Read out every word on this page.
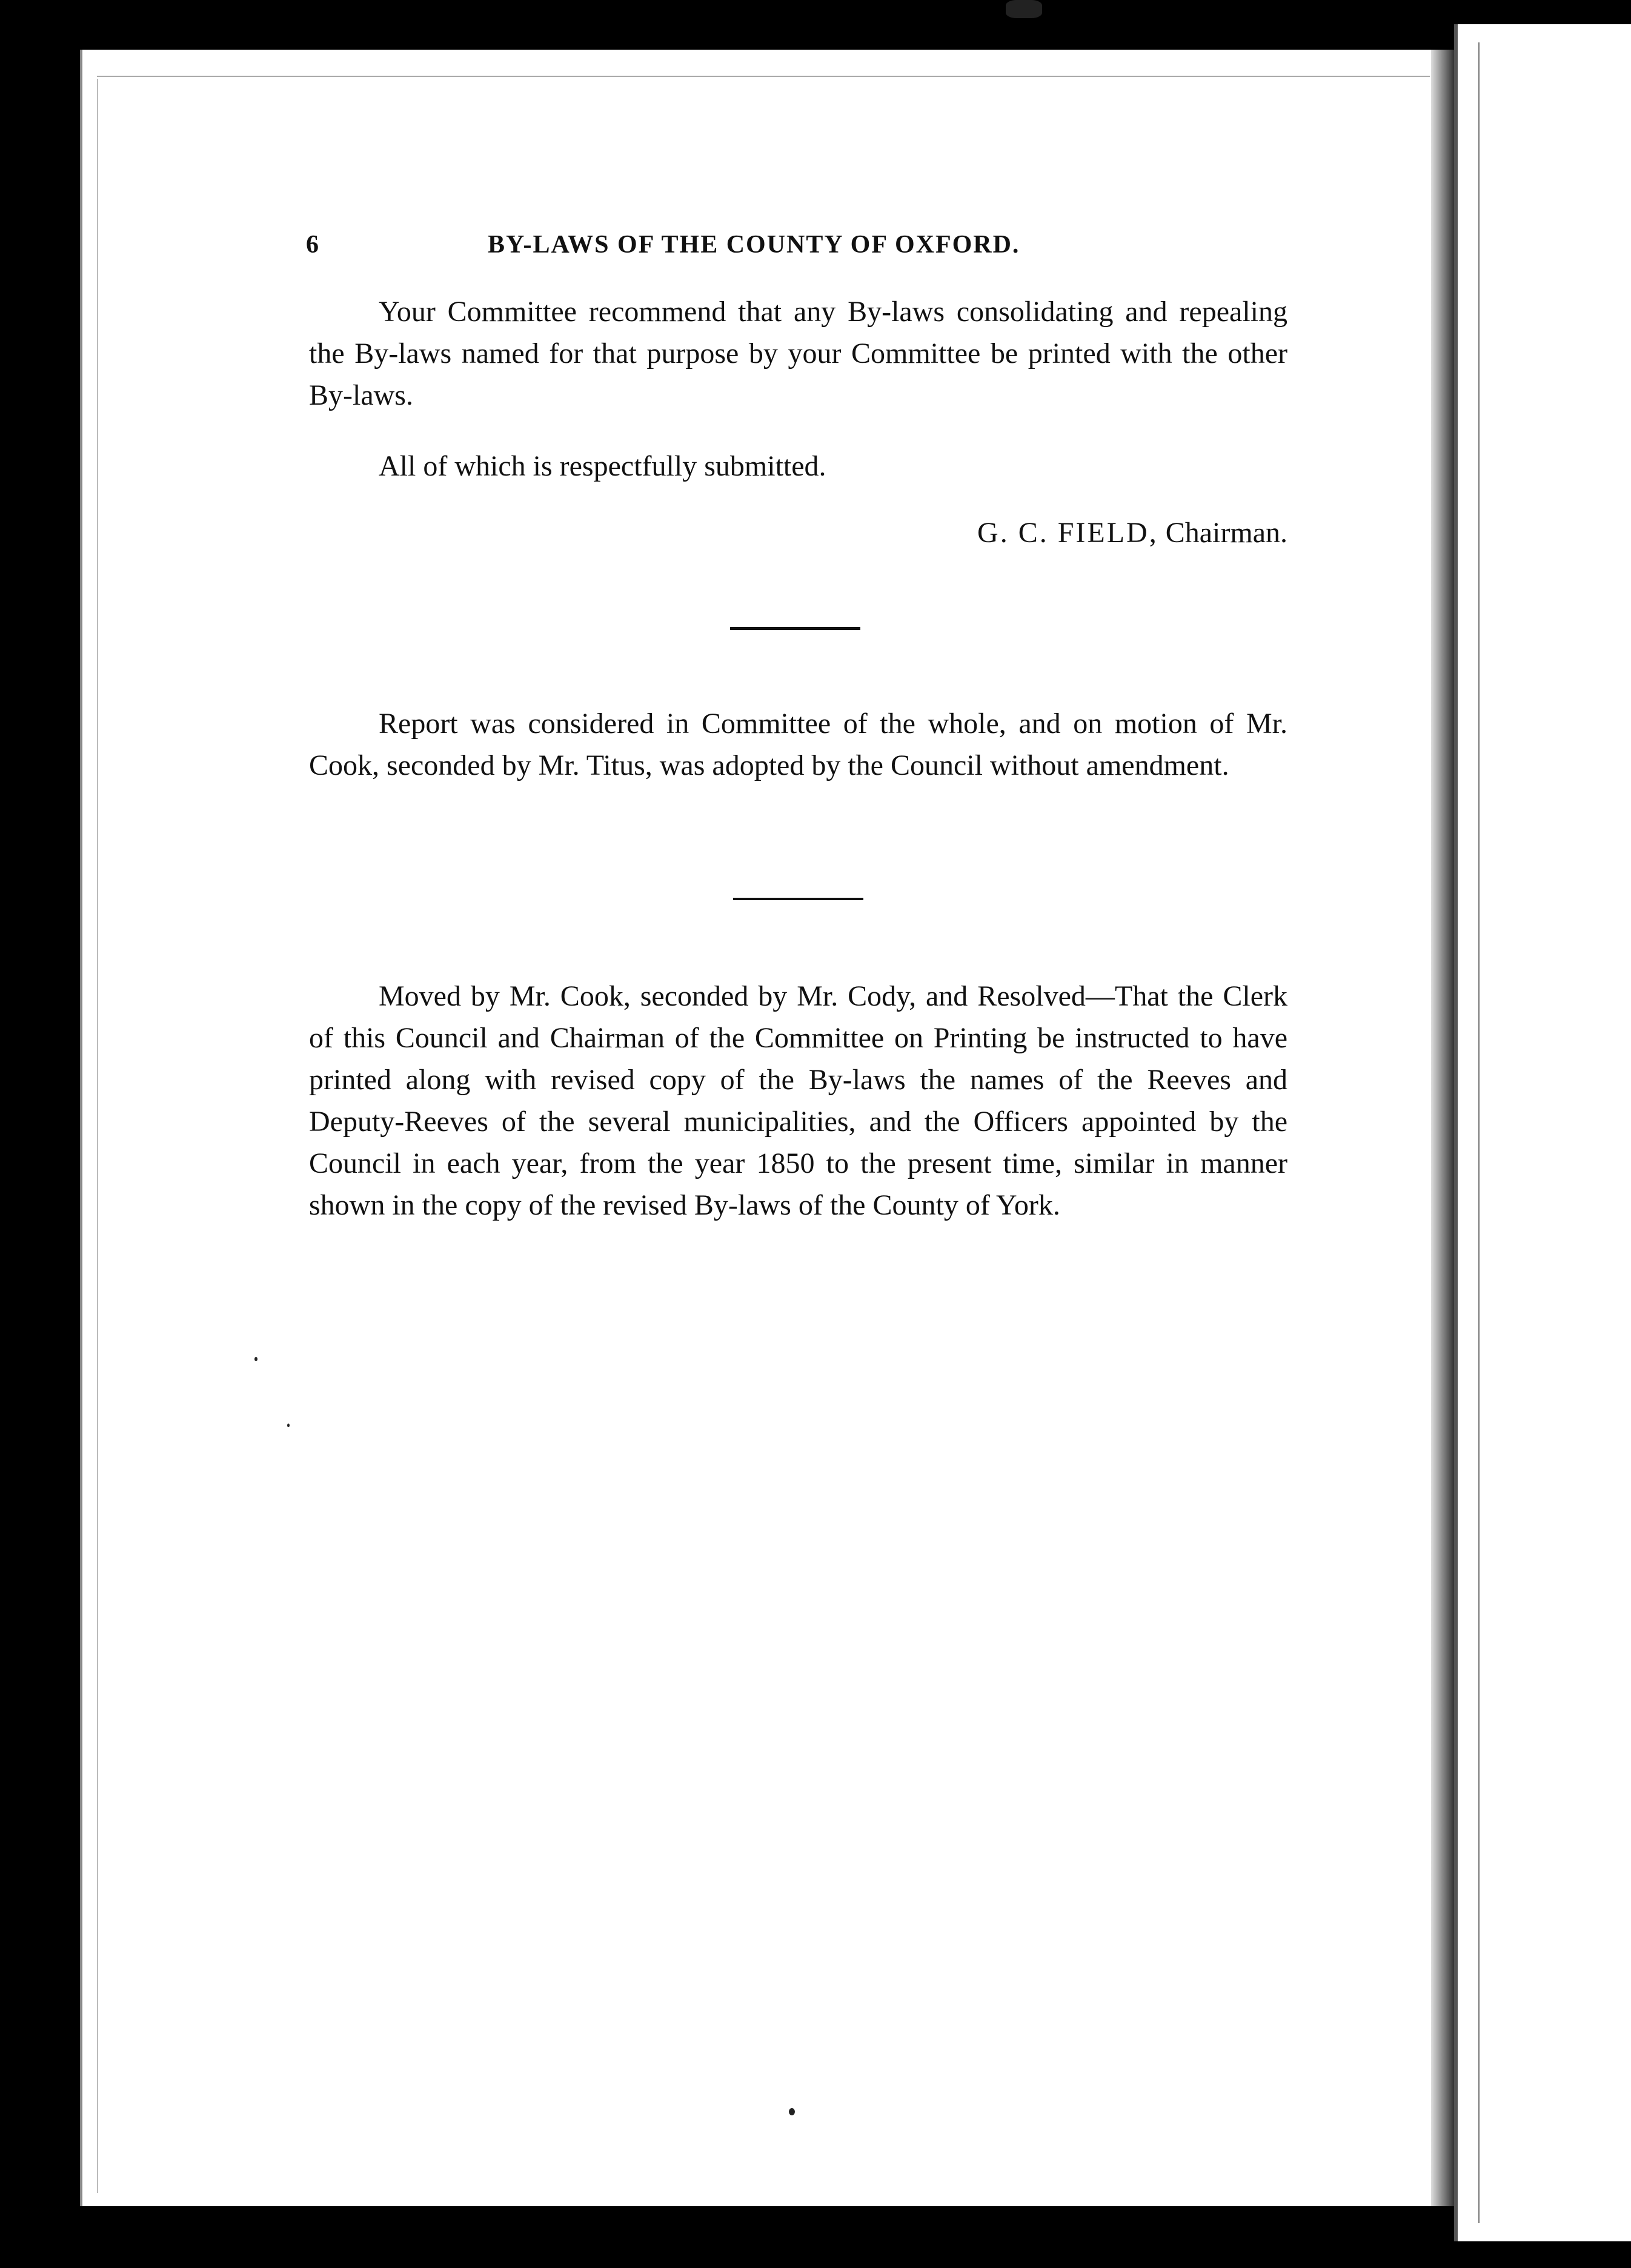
6	BY-LAWS OF THE COUNTY OF OXFORD.

Your Committee recommend that any By-laws consolidating and repealing the By-laws named for that purpose by your Committee be printed with the other By-laws.

All of which is respectfully submitted.

G. C. FIELD, Chairman.

Report was considered in Committee of the whole, and on motion of Mr. Cook, seconded by Mr. Titus, was adopted by the Council without amendment.

Moved by Mr. Cook, seconded by Mr. Cody, and Resolved—That the Clerk of this Council and Chairman of the Committee on Printing be instructed to have printed along with revised copy of the By-laws the names of the Reeves and Deputy-Reeves of the several municipalities, and the Officers appointed by the Council in each year, from the year 1850 to the present time, similar in manner shown in the copy of the revised By-laws of the County of York.
